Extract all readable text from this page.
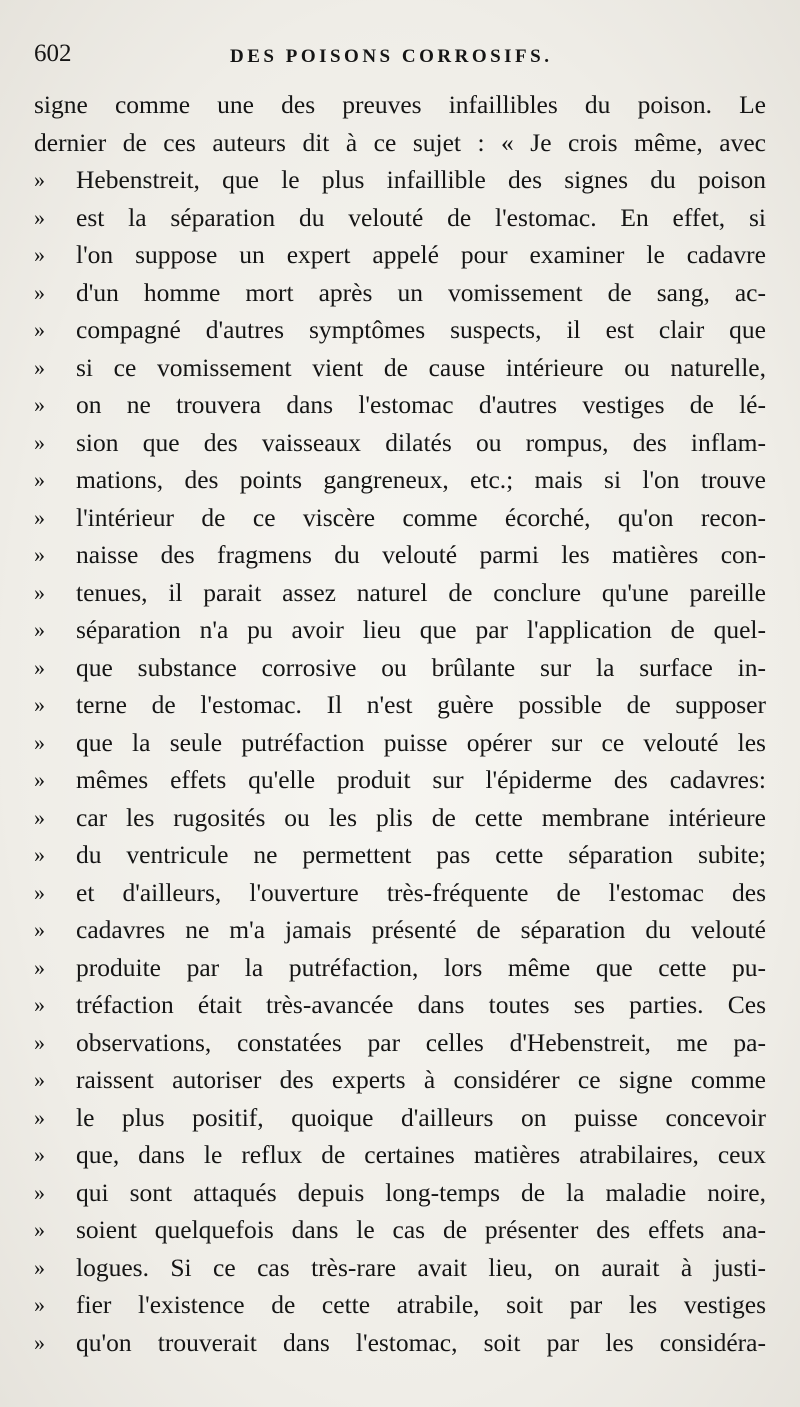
602	DES POISONS CORROSIFS.
signe comme une des preuves infaillibles du poison. Le
dernier de ces auteurs dit à ce sujet : « Je crois même, avec
» Hebenstreit, que le plus infaillible des signes du poison
» est la séparation du velouté de l'estomac. En effet, si
» l'on suppose un expert appelé pour examiner le cadavre
» d'un homme mort après un vomissement de sang, ac-
» compagné d'autres symptômes suspects, il est clair que
» si ce vomissement vient de cause intérieure ou naturelle,
» on ne trouvera dans l'estomac d'autres vestiges de lé-
» sion que des vaisseaux dilatés ou rompus, des inflam-
» mations, des points gangreneux, etc.; mais si l'on trouve
» l'intérieur de ce viscère comme écorché, qu'on recon-
» naisse des fragmens du velouté parmi les matières con-
» tenues, il parait assez naturel de conclure qu'une pareille
» séparation n'a pu avoir lieu que par l'application de quel-
» que substance corrosive ou brûlante sur la surface in-
» terne de l'estomac. Il n'est guère possible de supposer
» que la seule putréfaction puisse opérer sur ce velouté les
» mêmes effets qu'elle produit sur l'épiderme des cadavres:
» car les rugosités ou les plis de cette membrane intérieure
» du ventricule ne permettent pas cette séparation subite;
» et d'ailleurs, l'ouverture très-fréquente de l'estomac des
» cadavres ne m'a jamais présenté de séparation du velouté
» produite par la putréfaction, lors même que cette pu-
» tréfaction était très-avancée dans toutes ses parties. Ces
» observations, constatées par celles d'Hebenstreit, me pa-
» raissent autoriser des experts à considérer ce signe comme
» le plus positif, quoique d'ailleurs on puisse concevoir
» que, dans le reflux de certaines matières atrabilaires, ceux
» qui sont attaqués depuis long-temps de la maladie noire,
» soient quelquefois dans le cas de présenter des effets ana-
» logues. Si ce cas très-rare avait lieu, on aurait à justi-
» fier l'existence de cette atrabile, soit par les vestiges
» qu'on trouverait dans l'estomac, soit par les considéra-
